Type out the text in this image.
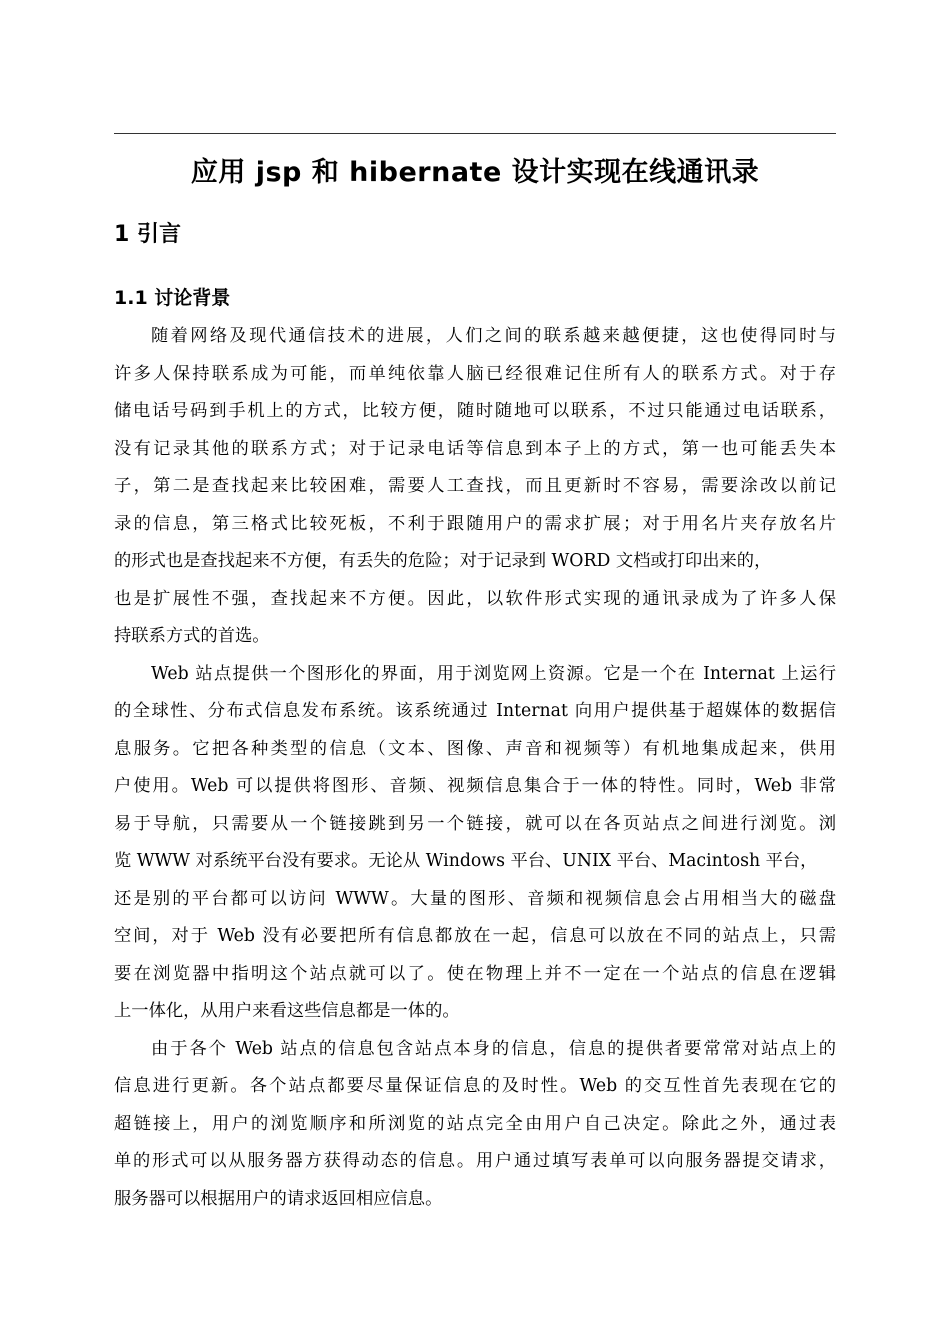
应用 jsp 和 hibernate 设计实现在线通讯录
1 引言
1.1 讨论背景

随着网络及现代通信技术的进展，人们之间的联系越来越便捷，这也使得同时与
许多人保持联系成为可能，而单纯依靠人脑已经很难记住所有人的联系方式。对于存
储电话号码到手机上的方式，比较方便，随时随地可以联系，不过只能通过电话联系，
没有记录其他的联系方式；对于记录电话等信息到本子上的方式，第一也可能丢失本
子，第二是查找起来比较困难，需要人工查找，而且更新时不容易，需要涂改以前记
录的信息，第三格式比较死板，不利于跟随用户的需求扩展；对于用名片夹存放名片
的形式也是查找起来不方便，有丢失的危险；对于记录到 WORD 文档或打印出来的，
也是扩展性不强，查找起来不方便。因此，以软件形式实现的通讯录成为了许多人保
持联系方式的首选。

Web 站点提供一个图形化的界面，用于浏览网上资源。它是一个在 Internat 上运行
的全球性、分布式信息发布系统。该系统通过 Internat 向用户提供基于超媒体的数据信
息服务。它把各种类型的信息（文本、图像、声音和视频等）有机地集成起来，供用
户使用。Web 可以提供将图形、音频、视频信息集合于一体的特性。同时，Web 非常
易于导航，只需要从一个链接跳到另一个链接，就可以在各页站点之间进行浏览。浏
览 WWW 对系统平台没有要求。无论从 Windows 平台、UNIX 平台、Macintosh 平台，
还是别的平台都可以访问 WWW。大量的图形、音频和视频信息会占用相当大的磁盘
空间，对于 Web 没有必要把所有信息都放在一起，信息可以放在不同的站点上，只需
要在浏览器中指明这个站点就可以了。使在物理上并不一定在一个站点的信息在逻辑
上一体化，从用户来看这些信息都是一体的。

由于各个 Web 站点的信息包含站点本身的信息，信息的提供者要常常对站点上的
信息进行更新。各个站点都要尽量保证信息的及时性。Web 的交互性首先表现在它的
超链接上，用户的浏览顺序和所浏览的站点完全由用户自己决定。除此之外，通过表
单的形式可以从服务器方获得动态的信息。用户通过填写表单可以向服务器提交请求，
服务器可以根据用户的请求返回相应信息。
